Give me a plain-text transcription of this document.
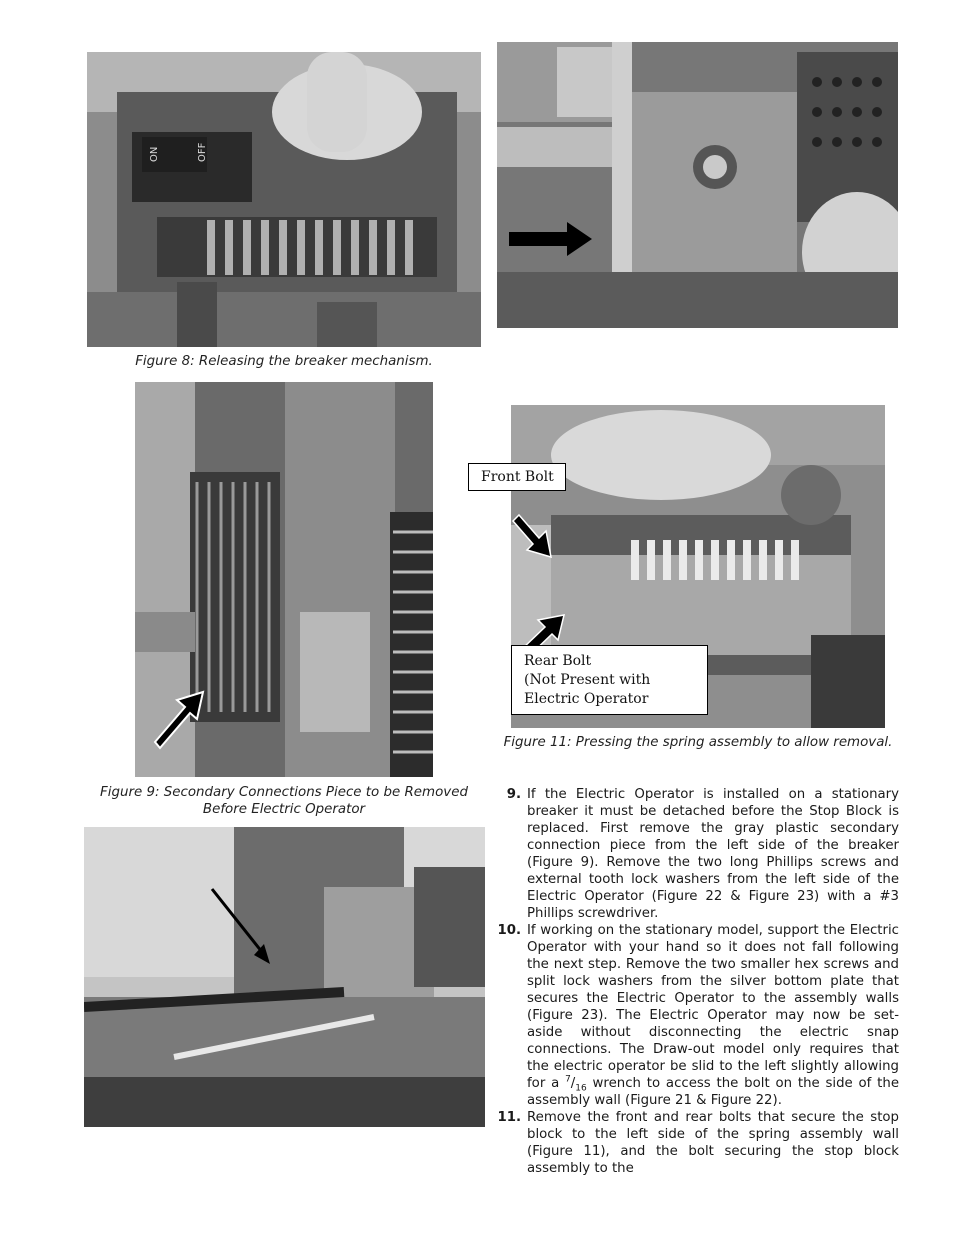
ON	OFF
Figure 8: Releasing the breaker mechanism.
Figure 9: Secondary Connections Piece to be Removed Before Electric Operator
Front Bolt
Rear Bolt
(Not Present with
Electric Operator
Figure 11: Pressing the spring assembly to allow removal.
9. If the Electric Operator is installed on a stationary breaker it must be detached before the Stop Block is replaced. First remove the gray plastic secondary connection piece from the left side of the breaker (Figure 9). Remove the two long Phillips screws and external tooth lock washers from the left side of the Electric Operator (Figure 22 & Figure 23) with a #3 Phillips screwdriver.
10. If working on the stationary model, support the Electric Operator with your hand so it does not fall following the next step. Remove the two smaller hex screws and split lock washers from the silver bottom plate that secures the Electric Operator to the assembly walls (Figure 23). The Electric Operator may now be set-aside without disconnecting the electric snap connections. The Draw-out model only requires that the electric operator be slid to the left slightly allowing for a $^7/_{16}$ wrench to access the bolt on the side of the assembly wall (Figure 21 & Figure 22).
11. Remove the front and rear bolts that secure the stop block to the left side of the spring assembly wall (Figure 11), and the bolt securing the stop block assembly to the
